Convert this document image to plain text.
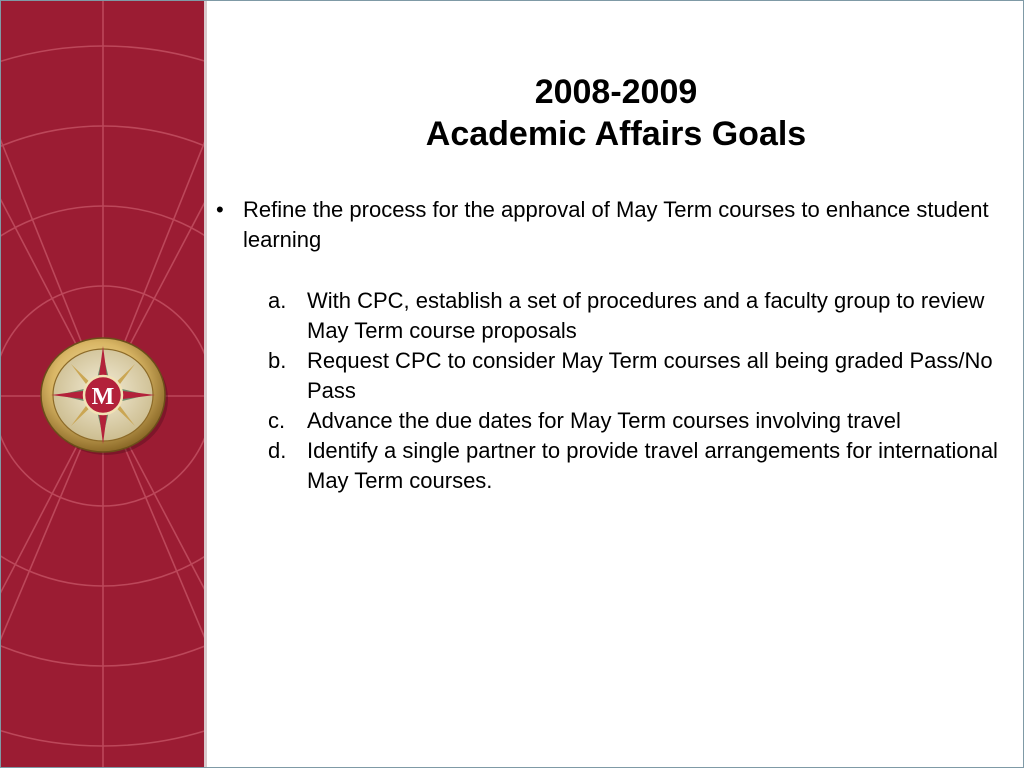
M
2008-2009
Academic Affairs Goals
• Refine the process for the approval of May Term courses to enhance student learning
a. With CPC, establish a set of procedures and a faculty group to review May Term course proposals
b. Request CPC to consider May Term courses all being graded Pass/No Pass
c. Advance the due dates for May Term courses involving travel
d. Identify a single partner to provide travel arrangements for international May Term courses.
